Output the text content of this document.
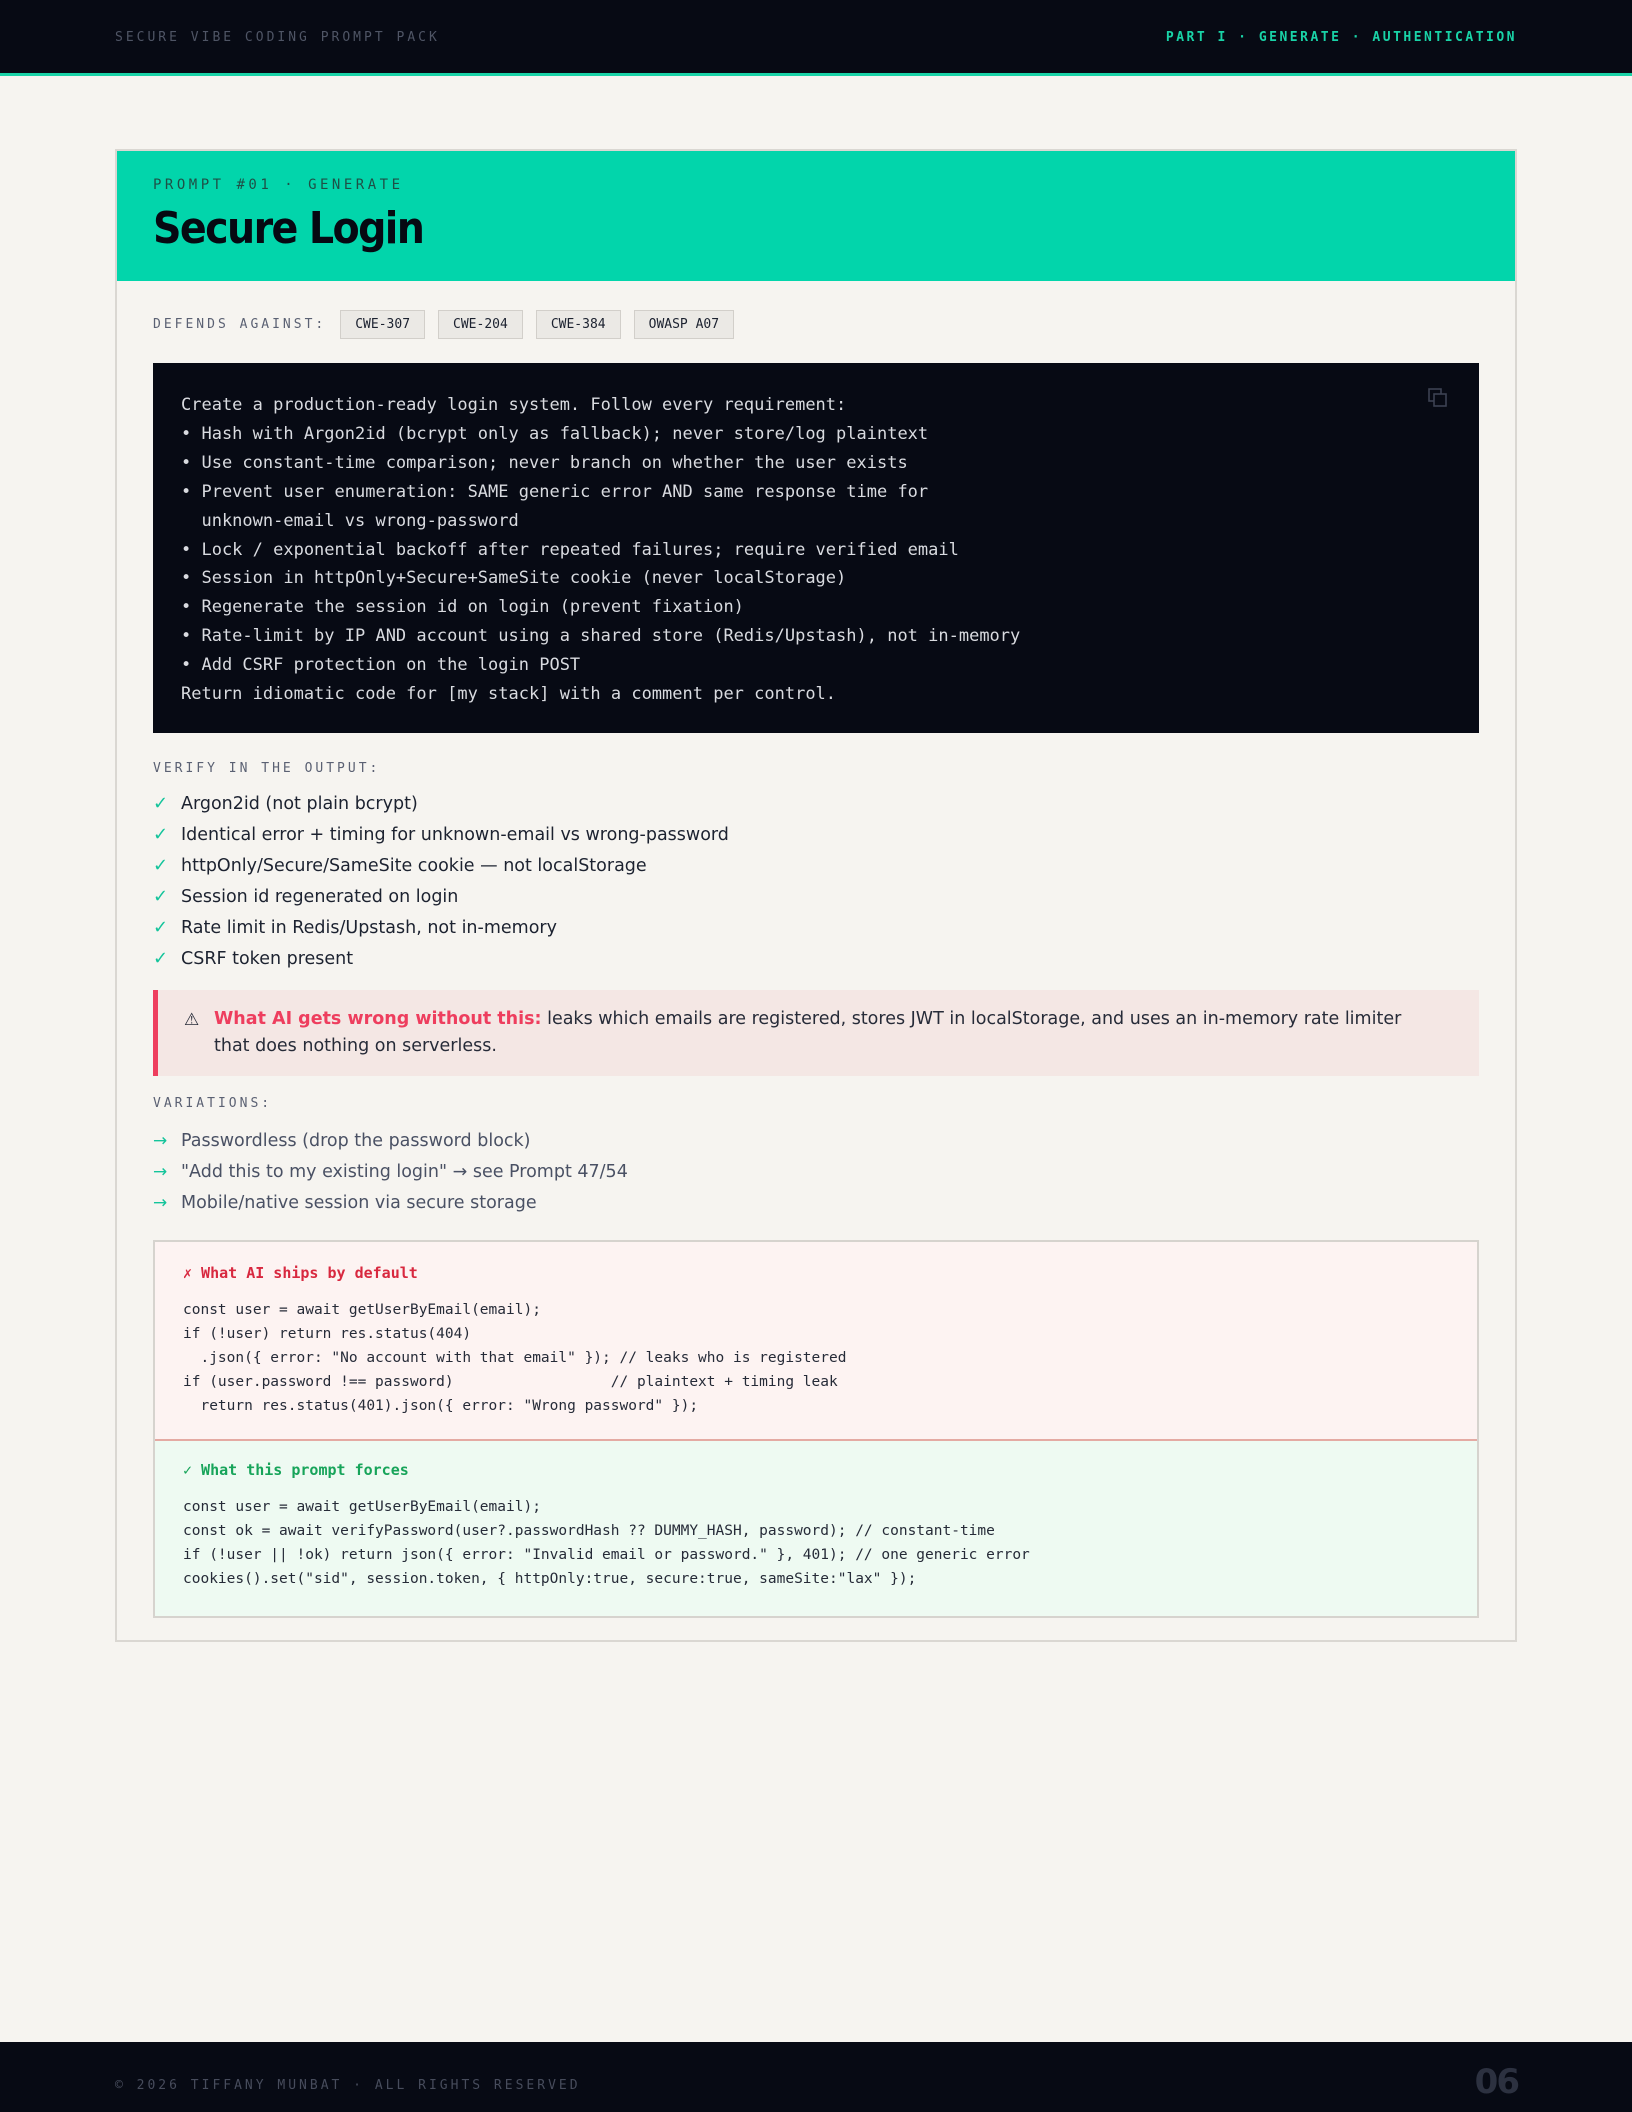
SECURE VIBE CODING PROMPT PACK	PART I · GENERATE · AUTHENTICATION
PROMPT #01 · GENERATE
Secure Login
DEFENDS AGAINST:	CWE-307	CWE-204	CWE-384	OWASP A07
Create a production-ready login system. Follow every requirement:
• Hash with Argon2id (bcrypt only as fallback); never store/log plaintext
• Use constant-time comparison; never branch on whether the user exists
• Prevent user enumeration: SAME generic error AND same response time for
unknown-email vs wrong-password
• Lock / exponential backoff after repeated failures; require verified email
• Session in httpOnly+Secure+SameSite cookie (never localStorage)
• Regenerate the session id on login (prevent fixation)
• Rate-limit by IP AND account using a shared store (Redis/Upstash), not in-memory
• Add CSRF protection on the login POST
Return idiomatic code for [my stack] with a comment per control.
VERIFY IN THE OUTPUT:
✓ Argon2id (not plain bcrypt)
✓ Identical error + timing for unknown-email vs wrong-password
✓ httpOnly/Secure/SameSite cookie — not localStorage
✓ Session id regenerated on login
✓ Rate limit in Redis/Upstash, not in-memory
✓ CSRF token present
⚠ What AI gets wrong without this: leaks which emails are registered, stores JWT in localStorage, and uses an in-memory rate limiter that does nothing on serverless.
VARIATIONS:
→ Passwordless (drop the password block)
→ "Add this to my existing login" → see Prompt 47/54
→ Mobile/native session via secure storage
✗ What AI ships by default
const user = await getUserByEmail(email);
if (!user) return res.status(404)
.json({ error: "No account with that email" }); // leaks who is registered
if (user.password !== password)                  // plaintext + timing leak
return res.status(401).json({ error: "Wrong password" });
✓ What this prompt forces
const user = await getUserByEmail(email);
const ok = await verifyPassword(user?.passwordHash ?? DUMMY_HASH, password); // constant-time
if (!user || !ok) return json({ error: "Invalid email or password." }, 401); // one generic error
cookies().set("sid", session.token, { httpOnly:true, secure:true, sameSite:"lax" });
© 2026 TIFFANY MUNBAT · ALL RIGHTS RESERVED	06
